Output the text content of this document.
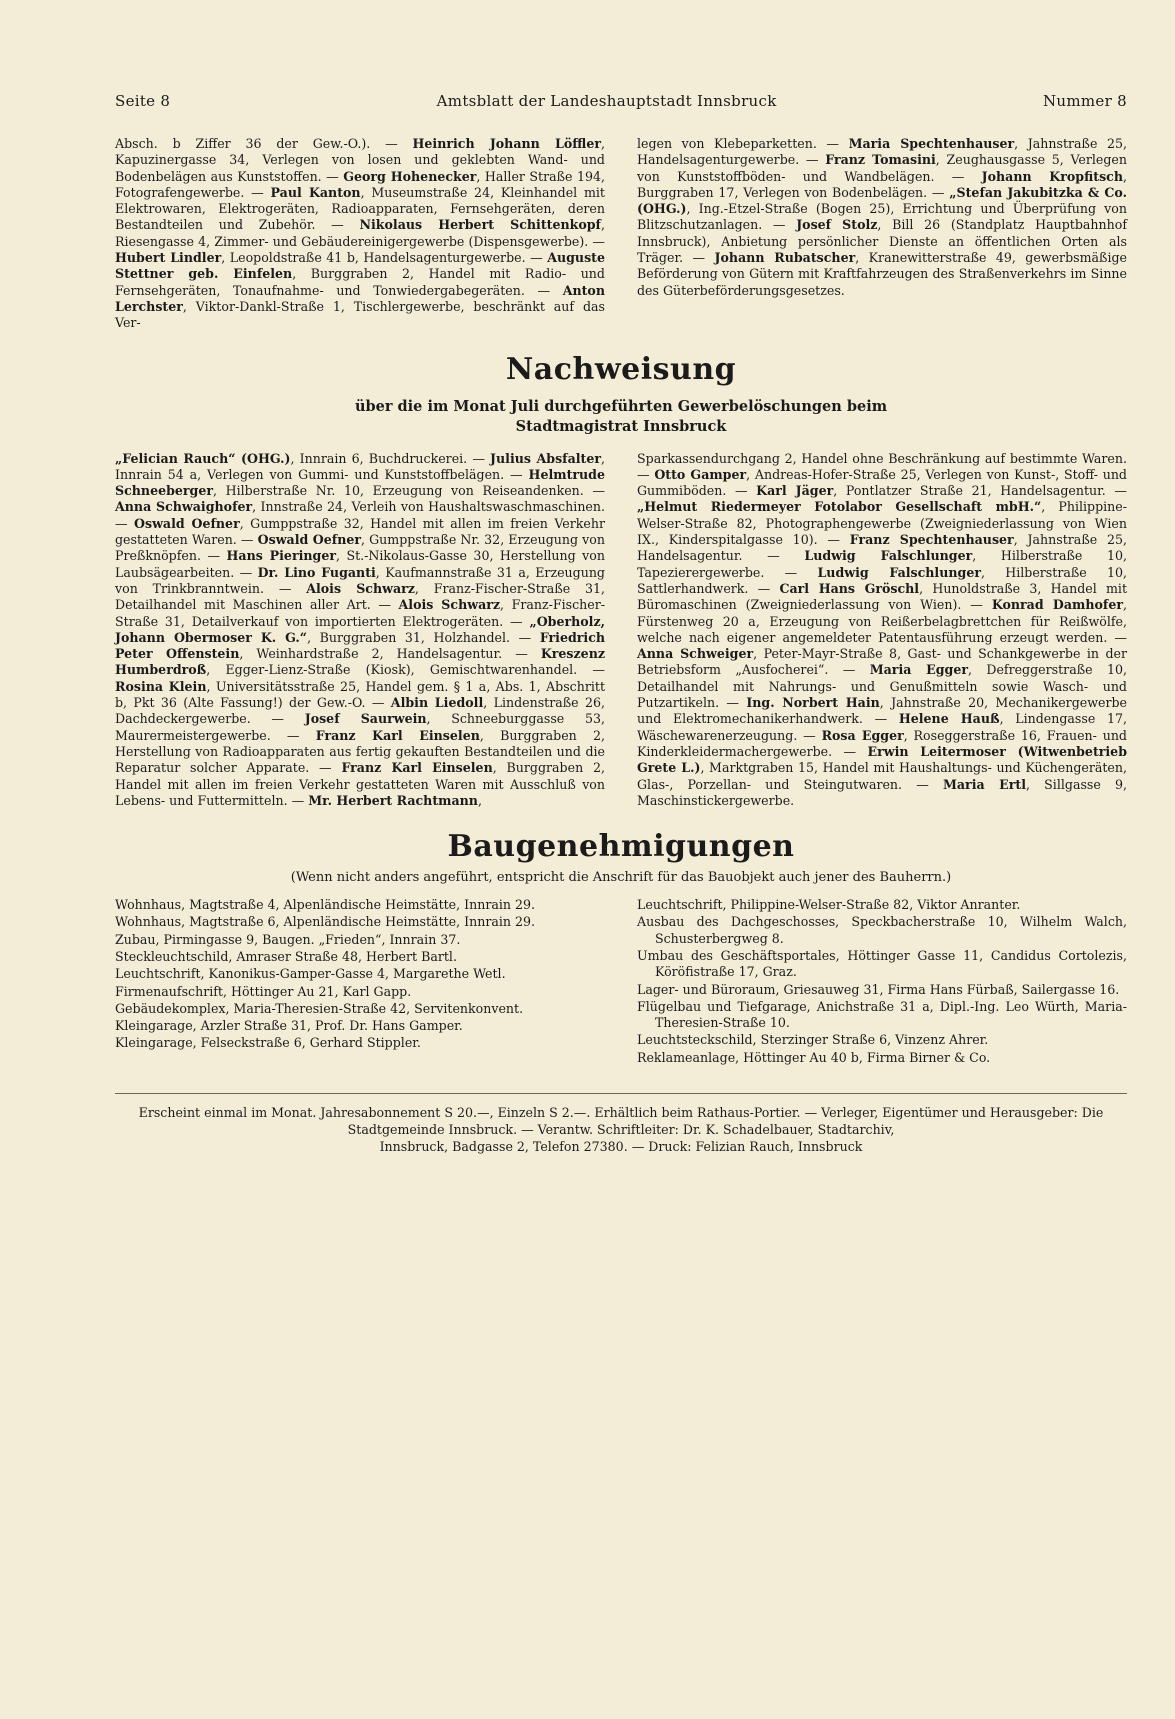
Seite 8	Amtsblatt der Landeshauptstadt Innsbruck	Nummer 8
Absch. b Ziffer 36 der Gew.-O.). — Heinrich Johann Löffler, Kapuzinergasse 34, Verlegen von losen und geklebten Wand- und Bodenbelägen aus Kunststoffen. — Georg Hohenecker, Haller Straße 194, Fotografengewerbe. — Paul Kanton, Museumstraße 24, Kleinhandel mit Elektrowaren, Elektrogeräten, Radioapparaten, Fernsehgeräten, deren Bestandteilen und Zubehör. — Nikolaus Herbert Schittenkopf, Riesengasse 4, Zimmer- und Gebäudereinigergewerbe (Dispensgewerbe). — Hubert Lindler, Leopoldstraße 41 b, Handelsagenturgewerbe. — Auguste Stettner geb. Einfelen, Burggraben 2, Handel mit Radio- und Fernsehgeräten, Tonaufnahme- und Tonwiedergabegeräten. — Anton Lerchster, Viktor-Dankl-Straße 1, Tischlergewerbe, beschränkt auf das Ver-
legen von Klebeparketten. — Maria Spechtenhauser, Jahnstraße 25, Handelsagenturgewerbe. — Franz Tomasini, Zeughausgasse 5, Verlegen von Kunststoffböden- und Wandbelägen. — Johann Kropfitsch, Burggraben 17, Verlegen von Bodenbelägen. — „Stefan Jakubitzka & Co. (OHG.), Ing.-Etzel-Straße (Bogen 25), Errichtung und Überprüfung von Blitzschutzanlagen. — Josef Stolz, Bill 26 (Standplatz Hauptbahnhof Innsbruck), Anbietung persönlicher Dienste an öffentlichen Orten als Träger. — Johann Rubatscher, Kranewitterstraße 49, gewerbsmäßige Beförderung von Gütern mit Kraftfahrzeugen des Straßenverkehrs im Sinne des Güterbeförderungsgesetzes.
Nachweisung
über die im Monat Juli durchgeführten Gewerbelöschungen beim
Stadtmagistrat Innsbruck
„Felician Rauch“ (OHG.), Innrain 6, Buchdruckerei. — Julius Absfalter, Innrain 54 a, Verlegen von Gummi- und Kunststoffbelägen. — Helmtrude Schneeberger, Hilberstraße Nr. 10, Erzeugung von Reiseandenken. — Anna Schwaighofer, Innstraße 24, Verleih von Haushaltswaschmaschinen. — Oswald Oefner, Gumppstraße 32, Handel mit allen im freien Verkehr gestatteten Waren. — Oswald Oefner, Gumppstraße Nr. 32, Erzeugung von Preßknöpfen. — Hans Pieringer, St.-Nikolaus-Gasse 30, Herstellung von Laubsägearbeiten. — Dr. Lino Fuganti, Kaufmannstraße 31 a, Erzeugung von Trinkbranntwein. — Alois Schwarz, Franz-Fischer-Straße 31, Detailhandel mit Maschinen aller Art. — Alois Schwarz, Franz-Fischer-Straße 31, Detailverkauf von importierten Elektrogeräten. — „Oberholz, Johann Obermoser K. G.“, Burggraben 31, Holzhandel. — Friedrich Peter Offenstein, Weinhardstraße 2, Handelsagentur. — Kreszenz Humberdroß, Egger-Lienz-Straße (Kiosk), Gemischtwarenhandel. — Rosina Klein, Universitätsstraße 25, Handel gem. § 1 a, Abs. 1, Abschritt b, Pkt 36 (Alte Fassung!) der Gew.-O. — Albin Liedoll, Lindenstraße 26, Dachdeckergewerbe. — Josef Saurwein, Schneeburggasse 53, Maurermeistergewerbe. — Franz Karl Einselen, Burggraben 2, Herstellung von Radioapparaten aus fertig gekauften Bestandteilen und die Reparatur solcher Apparate. — Franz Karl Einselen, Burggraben 2, Handel mit allen im freien Verkehr gestatteten Waren mit Ausschluß von Lebens- und Futtermitteln. — Mr. Herbert Rachtmann,
Sparkassendurchgang 2, Handel ohne Beschränkung auf bestimmte Waren. — Otto Gamper, Andreas-Hofer-Straße 25, Verlegen von Kunst-, Stoff- und Gummiböden. — Karl Jäger, Pontlatzer Straße 21, Handelsagentur. — „Helmut Riedermeyer Fotolabor Gesellschaft mbH.“, Philippine-Welser-Straße 82, Photographengewerbe (Zweigniederlassung von Wien IX., Kinderspitalgasse 10). — Franz Spechtenhauser, Jahnstraße 25, Handelsagentur. — Ludwig Falschlunger, Hilberstraße 10, Tapezierergewerbe. — Ludwig Falschlunger, Hilberstraße 10, Sattlerhandwerk. — Carl Hans Gröschl, Hunoldstraße 3, Handel mit Büromaschinen (Zweigniederlassung von Wien). — Konrad Damhofer, Fürstenweg 20 a, Erzeugung von Reißerbelagbrettchen für Reißwölfe, welche nach eigener angemeldeter Patentausführung erzeugt werden. — Anna Schweiger, Peter-Mayr-Straße 8, Gast- und Schankgewerbe in der Betriebsform „Ausfocherei“. — Maria Egger, Defreggerstraße 10, Detailhandel mit Nahrungs- und Genußmitteln sowie Wasch- und Putzartikeln. — Ing. Norbert Hain, Jahnstraße 20, Mechanikergewerbe und Elektromechanikerhandwerk. — Helene Hauß, Lindengasse 17, Wäschewarenerzeugung. — Rosa Egger, Roseggerstraße 16, Frauen- und Kinderkleidermachergewerbe. — Erwin Leitermoser (Witwenbetrieb Grete L.), Marktgraben 15, Handel mit Haushaltungs- und Küchengeräten, Glas-, Porzellan- und Steingutwaren. — Maria Ertl, Sillgasse 9, Maschinstickergewerbe.
Baugenehmigungen
(Wenn nicht anders angeführt, entspricht die Anschrift für das Bauobjekt auch jener des Bauherrn.)
Wohnhaus, Magtstraße 4, Alpenländische Heimstätte, Innrain 29.
Wohnhaus, Magtstraße 6, Alpenländische Heimstätte, Innrain 29.
Zubau, Pirmingasse 9, Baugen. „Frieden“, Innrain 37.
Steckleuchtschild, Amraser Straße 48, Herbert Bartl.
Leuchtschrift, Kanonikus-Gamper-Gasse 4, Margarethe Wetl.
Firmenaufschrift, Höttinger Au 21, Karl Gapp.
Gebäudekomplex, Maria-Theresien-Straße 42, Servitenkonvent.
Kleingarage, Arzler Straße 31, Prof. Dr. Hans Gamper.
Kleingarage, Felseckstraße 6, Gerhard Stippler.
Leuchtschrift, Philippine-Welser-Straße 82, Viktor Anranter.
Ausbau des Dachgeschosses, Speckbacherstraße 10, Wilhelm Walch, Schusterbergweg 8.
Umbau des Geschäftsportales, Höttinger Gasse 11, Candidus Cortolezis, Köröfistraße 17, Graz.
Lager- und Büroraum, Griesauweg 31, Firma Hans Fürbaß, Sailergasse 16.
Flügelbau und Tiefgarage, Anichstraße 31 a, Dipl.-Ing. Leo Würth, Maria-Theresien-Straße 10.
Leuchtsteckschild, Sterzinger Straße 6, Vinzenz Ahrer.
Reklameanlage, Höttinger Au 40 b, Firma Birner & Co.
Erscheint einmal im Monat. Jahresabonnement S 20.—, Einzeln S 2.—. Erhältlich beim Rathaus-Portier. — Verleger, Eigentümer und Herausgeber: Die Stadtgemeinde Innsbruck. — Verantw. Schriftleiter: Dr. K. Schadelbauer, Stadtarchiv,
Innsbruck, Badgasse 2, Telefon 27380. — Druck: Felizian Rauch, Innsbruck
